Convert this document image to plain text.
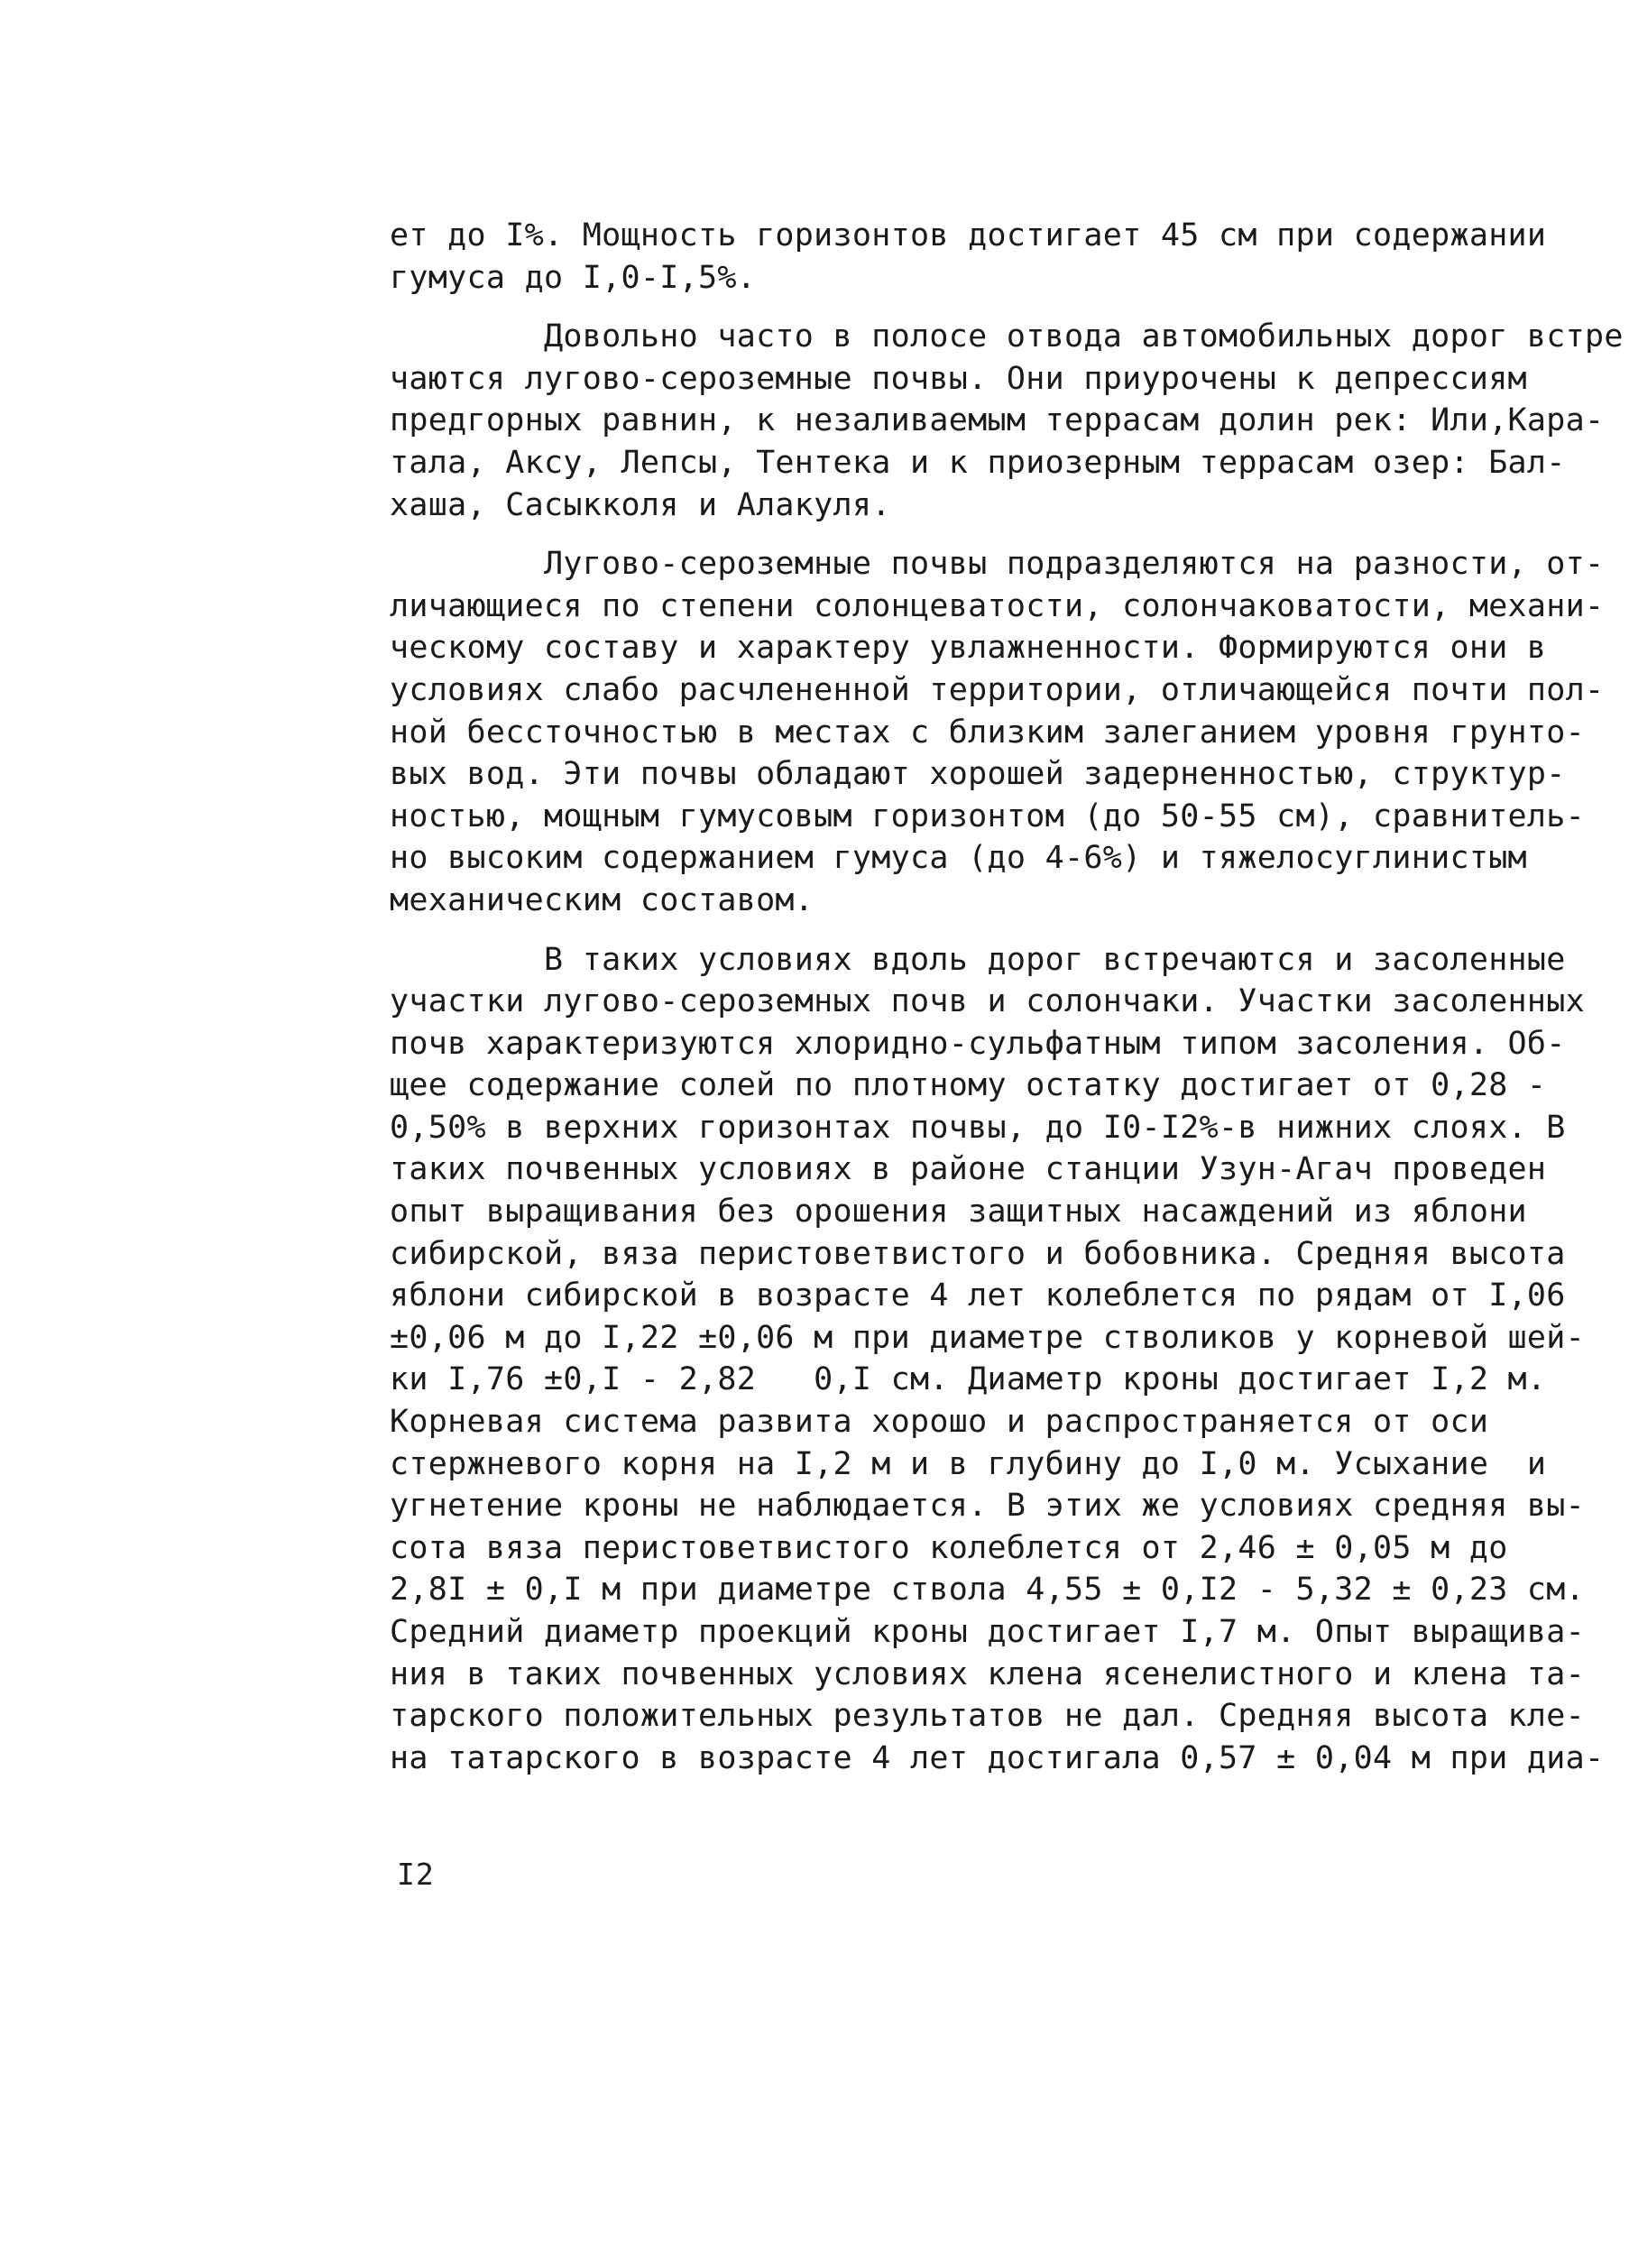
ет до I%. Мощность горизонтов достигает 45 см при содержании
гумуса до I,0-I,5%.
Довольно часто в полосе отвода автомобильных дорог встре
чаются лугово-сероземные почвы. Они приурочены к депрессиям
предгорных равнин, к незаливаемым террасам долин рек: Или,Кара-
тала, Аксу, Лепсы, Тентека и к приозерным террасам озер: Бал-
хаша, Сасыкколя и Алакуля.
Лугово-сероземные почвы подразделяются на разности, от-
личающиеся по степени солонцеватости, солончаковатости, механи-
ческому составу и характеру увлажненности. Формируются они в
условиях слабо расчлененной территории, отличающейся почти пол-
ной бессточностью в местах с близким залеганием уровня грунто-
вых вод. Эти почвы обладают хорошей задерненностью, структур-
ностью, мощным гумусовым горизонтом (до 50-55 см), сравнитель-
но высоким содержанием гумуса (до 4-6%) и тяжелосуглинистым
механическим составом.
В таких условиях вдоль дорог встречаются и засоленные
участки лугово-сероземных почв и солончаки. Участки засоленных
почв характеризуются хлоридно-сульфатным типом засоления. Об-
щее содержание солей по плотному остатку достигает от 0,28 -
0,50% в верхних горизонтах почвы, до I0-I2%-в нижних слоях. В
таких почвенных условиях в районе станции Узун-Агач проведен
опыт выращивания без орошения защитных насаждений из яблони
сибирской, вяза перистоветвистого и бобовника. Средняя высота
яблони сибирской в возрасте 4 лет колеблется по рядам от I,06
±0,06 м до I,22 ±0,06 м при диаметре стволиков у корневой шей-
ки I,76 ±0,I - 2,82   0,I см. Диаметр кроны достигает I,2 м.
Корневая система развита хорошо и распространяется от оси
стержневого корня на I,2 м и в глубину до I,0 м. Усыхание  и
угнетение кроны не наблюдается. В этих же условиях средняя вы-
сота вяза перистоветвистого колеблется от 2,46 ± 0,05 м до
2,8I ± 0,I м при диаметре ствола 4,55 ± 0,I2 - 5,32 ± 0,23 см.
Средний диаметр проекций кроны достигает I,7 м. Опыт выращива-
ния в таких почвенных условиях клена ясенелистного и клена та-
тарского положительных результатов не дал. Средняя высота кле-
на татарского в возрасте 4 лет достигала 0,57 ± 0,04 м при диа-
I2
